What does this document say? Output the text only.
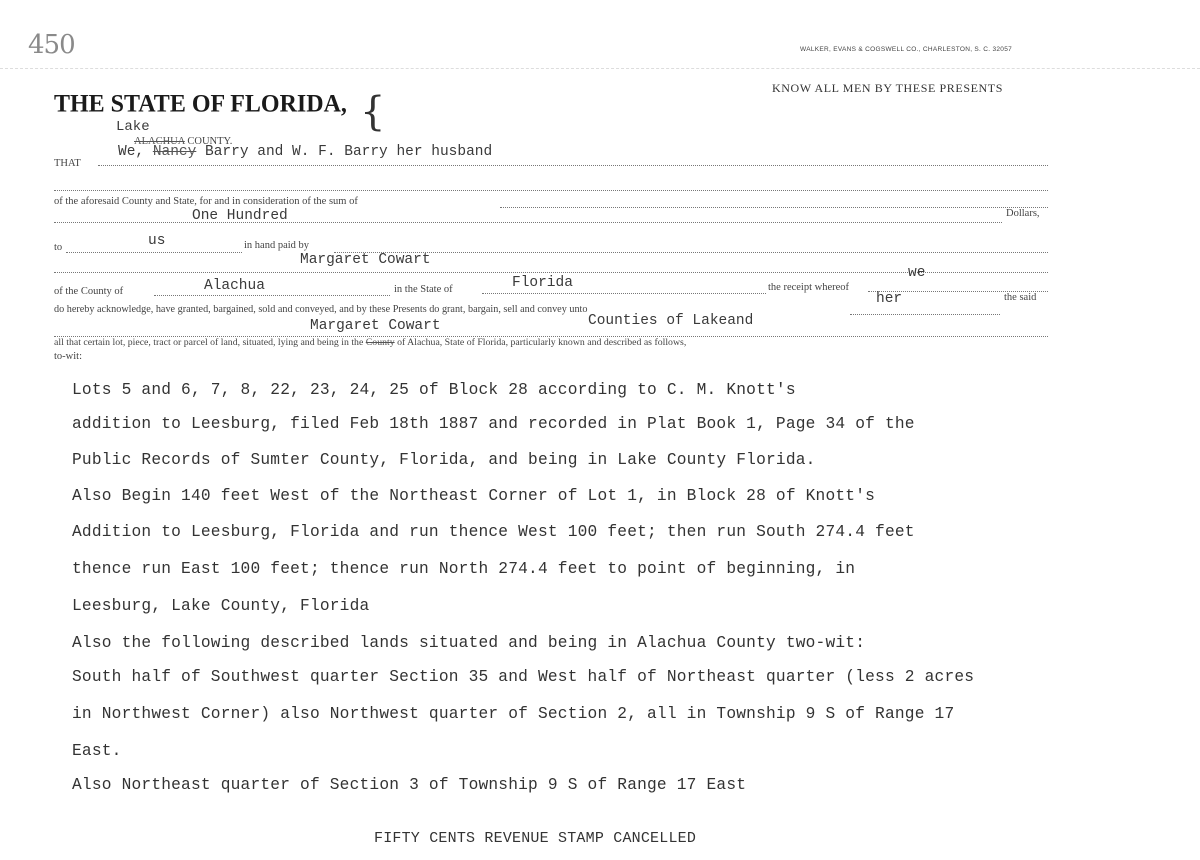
450	WALKER, EVANS & COGSWELL CO., CHARLESTON, S. C. 32057
KNOW ALL MEN BY THESE PRESENTS
THE STATE OF FLORIDA, {
Lake
ALACHUA COUNTY.
THAT
We, Nancy Barry and W. F. Barry her husband
of the aforesaid County and State, for and in consideration of the sum of
One Hundred	Dollars,
us
to	in hand paid by
Margaret Cowart
of the County of	Alachua	in the State of	Florida	the receipt whereof
we
do hereby acknowledge, have granted, bargained, sold and conveyed, and by these Presents do grant, bargain, sell and convey unto
her	the said
Margaret Cowart	Counties of Lakeand
all that certain lot, piece, tract or parcel of land, situated, lying and being in the County of Alachua, State of Florida, particularly known and described as follows,
to-wit:
Lots 5 and 6, 7, 8, 22, 23, 24, 25 of Block 28 according to C. M. Knott's
addition to Leesburg, filed Feb 18th 1887 and recorded in Plat Book 1, Page 34 of the
Public Records of Sumter County, Florida, and being in Lake County Florida.
Also Begin 140 feet West of the Northeast Corner of Lot 1, in Block 28 of Knott's
Addition to Leesburg, Florida and run thence West 100 feet; then run South 274.4 feet
thence run East 100 feet; thence run North 274.4 feet to point of beginning, in
Leesburg, Lake County, Florida
Also the following described lands situated and being in Alachua County two-wit:
South half of Southwest quarter Section 35 and West half of Northeast quarter (less 2 acres
in Northwest Corner) also Northwest quarter of Section 2, all in Township 9 S of Range 17
East.
Also Northeast quarter of Section 3 of Township 9 S of Range 17 East
FIFTY CENTS REVENUE STAMP CANCELLED
